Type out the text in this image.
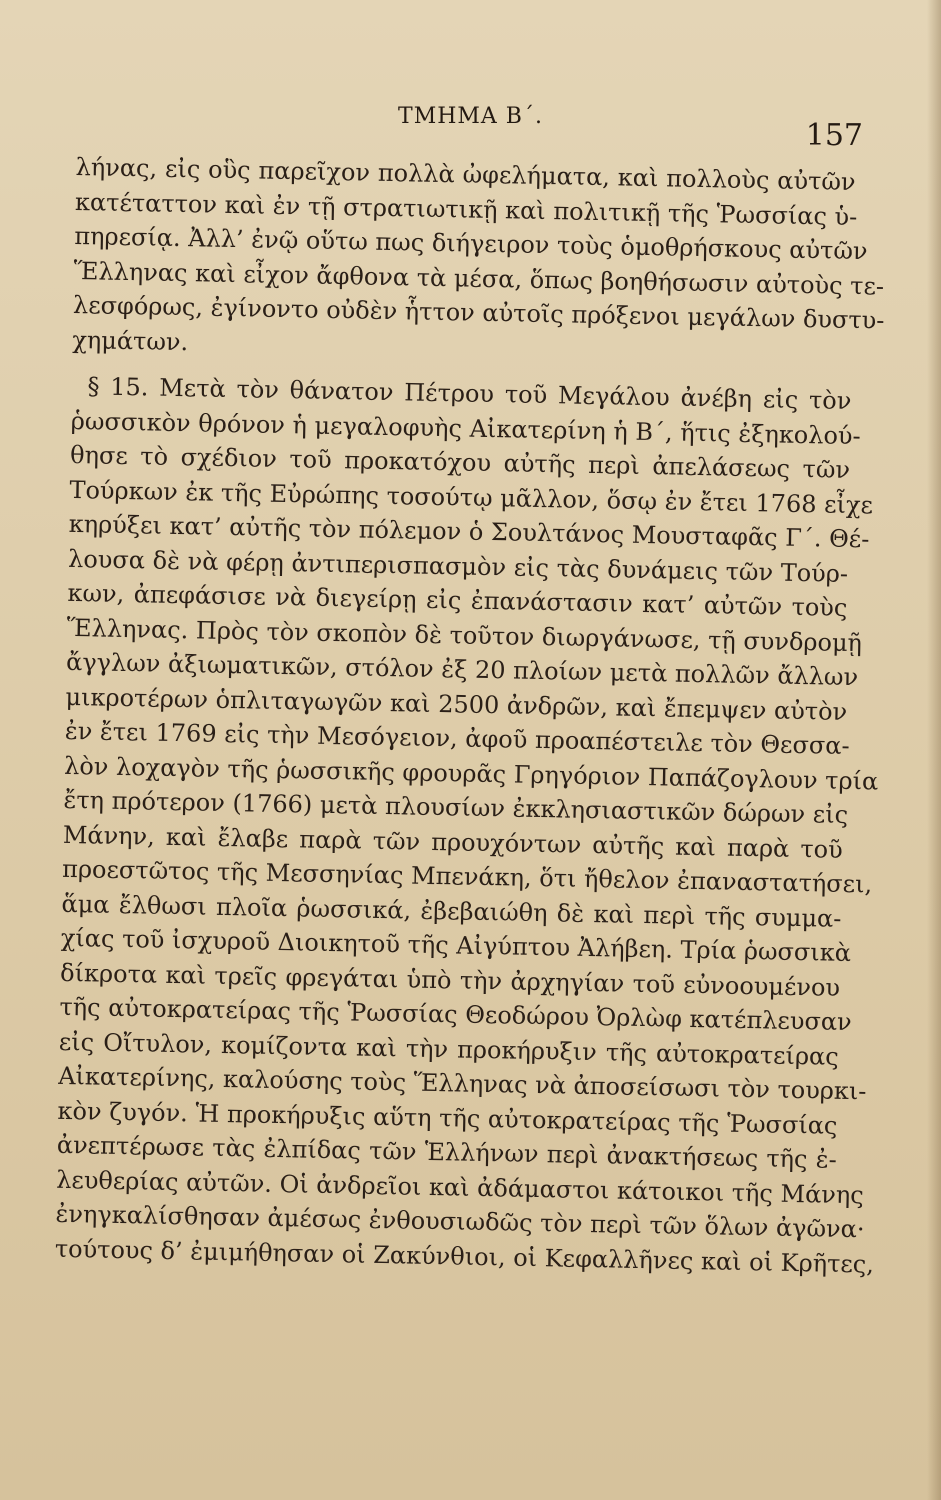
ΤΜΗΜΑ Β΄.
157
λήνας, εἰς οὓς παρεῖχον πολλὰ ὠφελήματα, καὶ πολλοὺς αὐτῶν
κατέταττον καὶ ἐν τῇ στρατιωτικῇ καὶ πολιτικῇ τῆς Ῥωσσίας ὑ-
πηρεσίᾳ. Ἀλλ’ ἐνῷ οὕτω πως διήγειρον τοὺς ὁμοθρήσκους αὐτῶν
Ἕλληνας καὶ εἶχον ἄφθονα τὰ μέσα, ὅπως βοηθήσωσιν αὐτοὺς τε-
λεσφόρως, ἐγίνοντο οὐδὲν ἧττον αὐτοῖς πρόξενοι μεγάλων δυστυ-
χημάτων.
§ 15. Μετὰ τὸν θάνατον Πέτρου τοῦ Μεγάλου ἀνέβη εἰς τὸν
ῥωσσικὸν θρόνον ἡ μεγαλοφυὴς Αἰκατερίνη ἡ Β΄, ἥτις ἐξηκολού-
θησε τὸ σχέδιον τοῦ προκατόχου αὐτῆς περὶ ἀπελάσεως τῶν
Τούρκων ἐκ τῆς Εὐρώπης τοσούτῳ μᾶλλον, ὅσῳ ἐν ἔτει 1768 εἶχε
κηρύξει κατ’ αὐτῆς τὸν πόλεμον ὁ Σουλτάνος Μουσταφᾶς Γ΄. Θέ-
λουσα δὲ νὰ φέρῃ ἀντιπερισπασμὸν εἰς τὰς δυνάμεις τῶν Τούρ-
κων, ἀπεφάσισε νὰ διεγείρῃ εἰς ἐπανάστασιν κατ’ αὐτῶν τοὺς
Ἕλληνας. Πρὸς τὸν σκοπὸν δὲ τοῦτον διωργάνωσε, τῇ συνδρομῇ
ἄγγλων ἀξιωματικῶν, στόλον ἐξ 20 πλοίων μετὰ πολλῶν ἄλλων
μικροτέρων ὁπλιταγωγῶν καὶ 2500 ἀνδρῶν, καὶ ἔπεμψεν αὐτὸν
ἐν ἔτει 1769 εἰς τὴν Μεσόγειον, ἀφοῦ προαπέστειλε τὸν Θεσσα-
λὸν λοχαγὸν τῆς ῥωσσικῆς φρουρᾶς Γρηγόριον Παπάζογλουν τρία
ἔτη πρότερον (1766) μετὰ πλουσίων ἐκκλησιαστικῶν δώρων εἰς
Μάνην, καὶ ἔλαβε παρὰ τῶν προυχόντων αὐτῆς καὶ παρὰ τοῦ
προεστῶτος τῆς Μεσσηνίας Μπενάκη, ὅτι ἤθελον ἐπαναστατήσει,
ἅμα ἔλθωσι πλοῖα ῥωσσικά, ἐβεβαιώθη δὲ καὶ περὶ τῆς συμμα-
χίας τοῦ ἰσχυροῦ Διοικητοῦ τῆς Αἰγύπτου Ἀλήβεη. Τρία ῥωσσικὰ
δίκροτα καὶ τρεῖς φρεγάται ὑπὸ τὴν ἀρχηγίαν τοῦ εὐνοουμένου
τῆς αὐτοκρατείρας τῆς Ῥωσσίας Θεοδώρου Ὀρλὼφ κατέπλευσαν
εἰς Οἴτυλον, κομίζοντα καὶ τὴν προκήρυξιν τῆς αὐτοκρατείρας
Αἰκατερίνης, καλούσης τοὺς Ἕλληνας νὰ ἀποσείσωσι τὸν τουρκι-
κὸν ζυγόν. Ἡ προκήρυξις αὕτη τῆς αὐτοκρατείρας τῆς Ῥωσσίας
ἀνεπτέρωσε τὰς ἐλπίδας τῶν Ἑλλήνων περὶ ἀνακτήσεως τῆς ἐ-
λευθερίας αὐτῶν. Οἱ ἀνδρεῖοι καὶ ἀδάμαστοι κάτοικοι τῆς Μάνης
ἐνηγκαλίσθησαν ἀμέσως ἐνθουσιωδῶς τὸν περὶ τῶν ὅλων ἀγῶνα·
τούτους δ’ ἐμιμήθησαν οἱ Ζακύνθιοι, οἱ Κεφαλλῆνες καὶ οἱ Κρῆτες,
